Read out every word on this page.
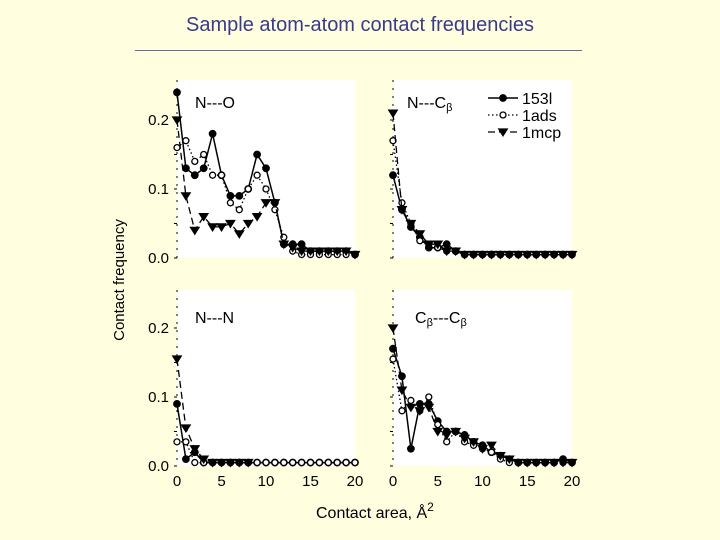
Sample atom-atom contact frequencies
N---O	N---Cβ
N---N	Cβ---Cβ
0.0
0.1
0.2
0.0
0.1
0.2
0 5 10 15 20 0 5 10 15 20
Contact frequency
Contact area, $Å^2$
153l
1ads
1mcp
